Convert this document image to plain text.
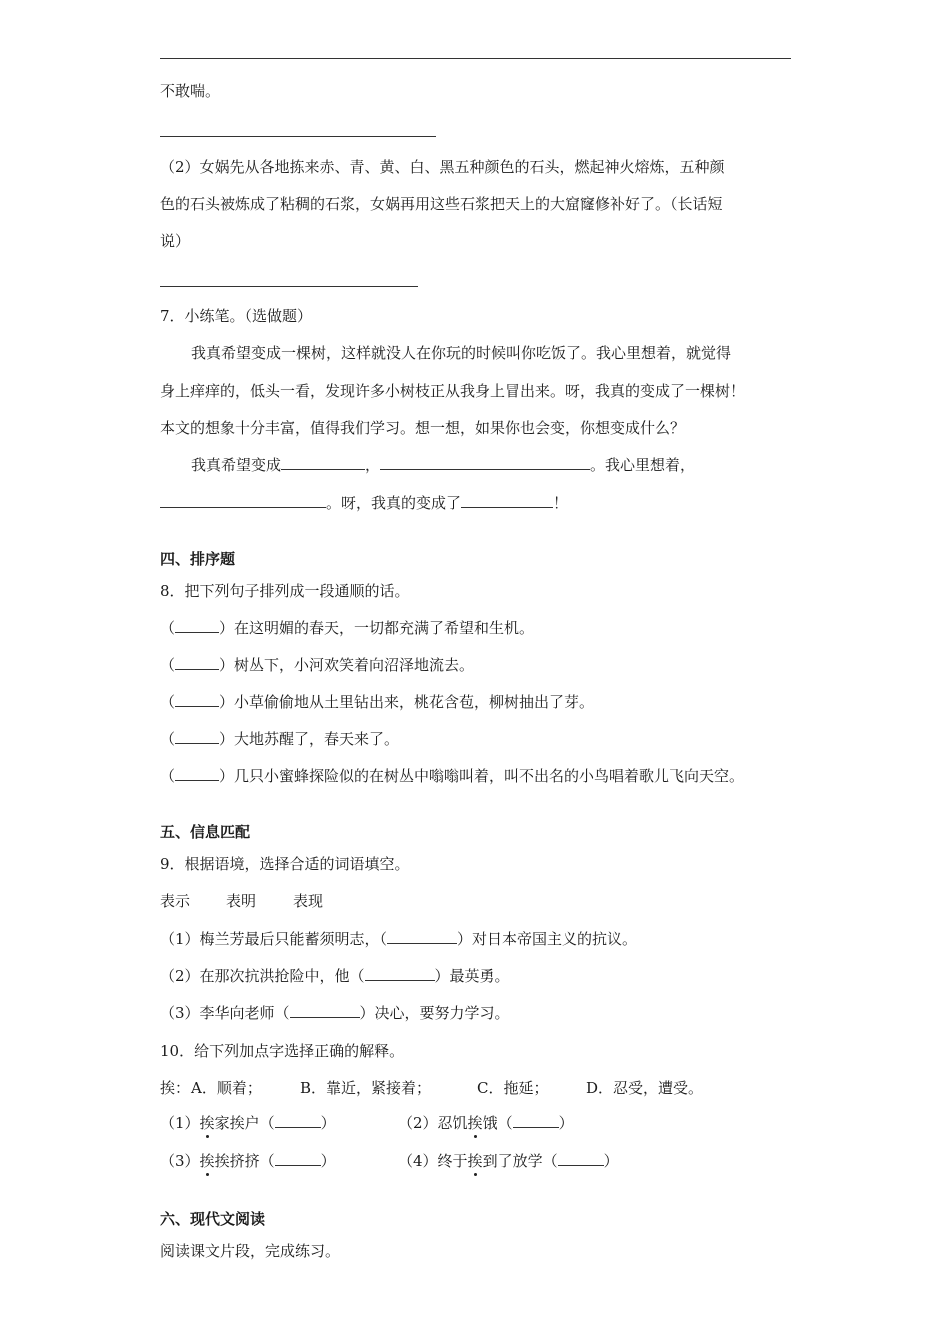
不敢喘。
（2）女娲先从各地拣来赤、青、黄、白、黑五种颜色的石头，燃起神火熔炼，五种颜
色的石头被炼成了粘稠的石浆，女娲再用这些石浆把天上的大窟窿修补好了。（长话短
说）
7．小练笔。（选做题）
我真希望变成一棵树，这样就没人在你玩的时候叫你吃饭了。我心里想着，就觉得
身上痒痒的，低头一看，发现许多小树枝正从我身上冒出来。呀，我真的变成了一棵树！
本文的想象十分丰富，值得我们学习。想一想，如果你也会变，你想变成什么？
我真希望变成	，	。我心里想着，
。呀，我真的变成了	！
四、排序题
8．把下列句子排列成一段通顺的话。
（	）在这明媚的春天，一切都充满了希望和生机。
（	）树丛下，小河欢笑着向沼泽地流去。
（	）小草偷偷地从土里钻出来，桃花含苞，柳树抽出了芽。
（	）大地苏醒了，春天来了。
（	）几只小蜜蜂探险似的在树丛中嗡嗡叫着，叫不出名的小鸟唱着歌儿飞向天空。
五、信息匹配
9．根据语境，选择合适的词语填空。
表示 表明 表现
（1）梅兰芳最后只能蓄须明志，（	）对日本帝国主义的抗议。
（2）在那次抗洪抢险中，他（	）最英勇。
（3）李华向老师（	）决心，要努力学习。
10．给下列加点字选择正确的解释。
挨： A．顺着；	B．靠近，紧接着；	C．拖延；	D．忍受，遭受。
（1）挨家挨户（	）	（2）忍饥挨饿（	）
（3）挨挨挤挤（	）	（4）终于挨到了放学（	）
六、现代文阅读
阅读课文片段，完成练习。
